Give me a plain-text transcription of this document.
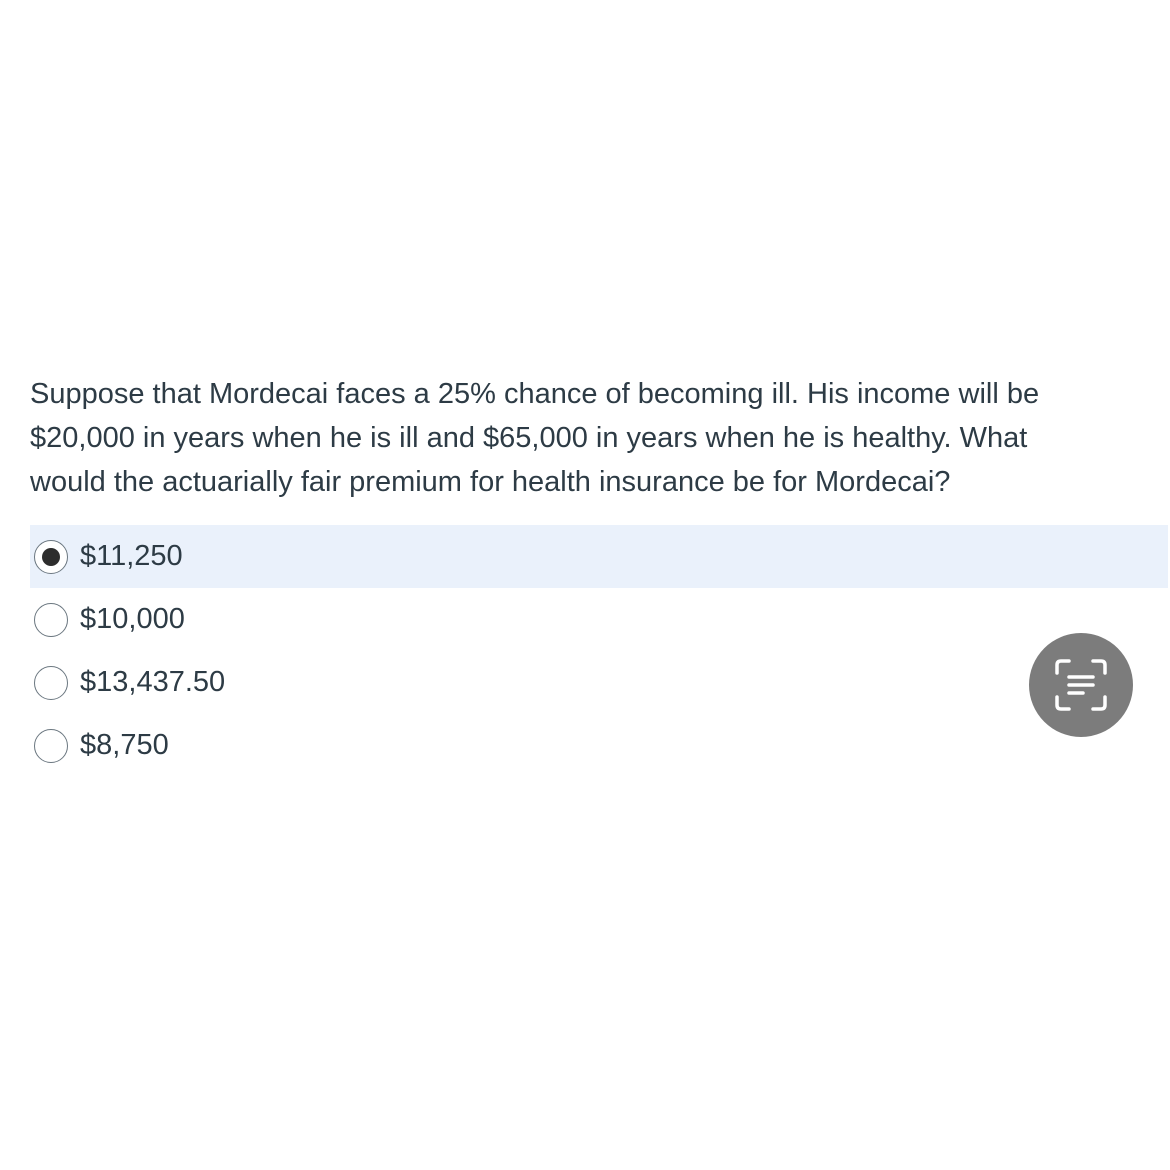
Suppose that Mordecai faces a 25% chance of becoming ill. His income will be
$20,000 in years when he is ill and $65,000 in years when he is healthy. What
would the actuarially fair premium for health insurance be for Mordecai?
$11,250
$10,000
$13,437.50
$8,750
